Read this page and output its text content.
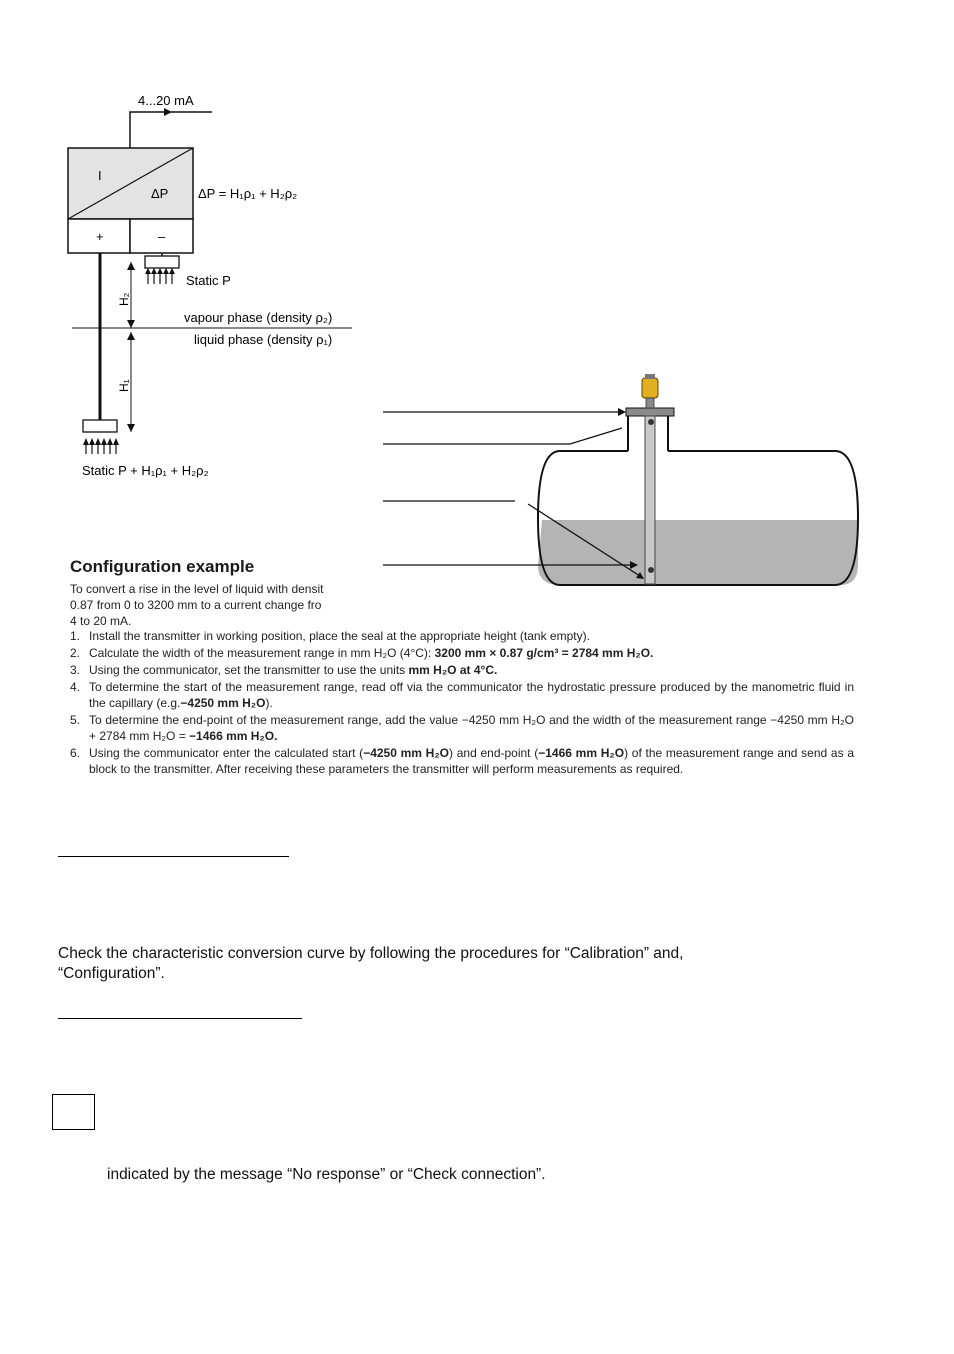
4...20 mA
I
ΔP ΔP = H₁ρ₁ + H₂ρ₂
+	–
Static P
H₂
vapour phase (density ρ₂)
liquid phase (density ρ₁)
H₁
Static P + H₁ρ₁ + H₂ρ₂
Configuration example
To convert a rise in the level of liquid with densit
0.87 from 0 to 3200 mm to a current change fro
4 to 20 mA.
1. Install the transmitter in working position, place the seal at the appropriate height (tank empty).
2. Calculate the width of the measurement range in mm H₂O (4°C): 3200 mm × 0.87 g/cm³ = 2784 mm H₂O.
3. Using the communicator, set the transmitter to use the units mm H₂O at 4°C.
4. To determine the start of the measurement range, read off via the communicator the hydrostatic pressure produced by the manometric fluid in the capillary (e.g.−4250 mm H₂O).
5. To determine the end-point of the measurement range, add the value −4250 mm H₂O and the width of the measurement range −4250 mm H₂O + 2784 mm H₂O = −1466 mm H₂O.
6. Using the communicator enter the calculated start (−4250 mm H₂O) and end-point (−1466 mm H₂O) of the measurement range and send as a block to the transmitter. After receiving these parameters the transmitter will perform measurements as required.
Check the characteristic conversion curve by following the procedures for “Calibration” and,
“Configuration”.
indicated by the message “No response” or “Check connection”.
